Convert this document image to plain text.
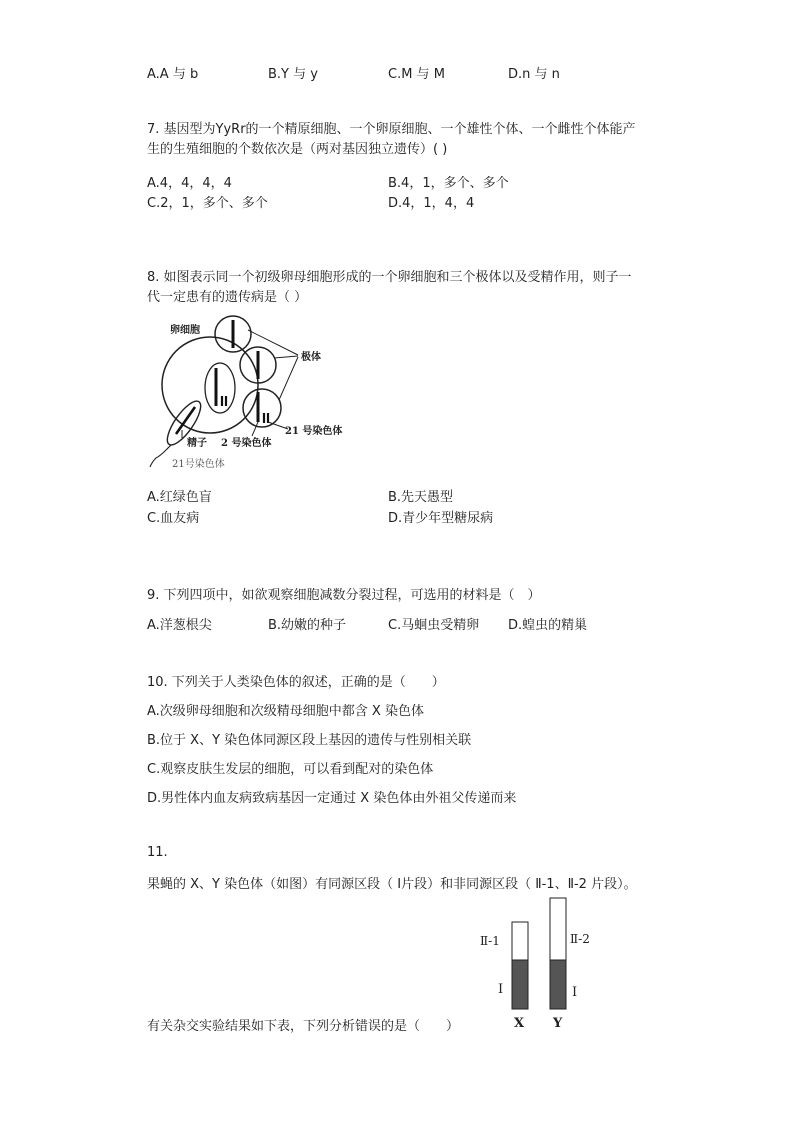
A.A 与 b	B.Y 与 y	C.M 与 M	D.n 与 n
7. 基因型为YyRr的一个精原细胞、一个卵原细胞、一个雄性个体、一个雌性个体能产
生的生殖细胞的个数依次是（两对基因独立遗传）( )
A.4，4，4，4	B.4，1，多个、多个
C.2，1，多个、多个	D.4，1，4，4
8. 如图表示同一个初级卵母细胞形成的一个卵细胞和三个极体以及受精作用，则子一
代一定患有的遗传病是（ ）
卵细胞
极体
精子 2 号染色体
21 号染色体
21号染色体
A.红绿色盲	B.先天愚型
C.血友病	D.青少年型糖尿病
9. 下列四项中，如欲观察细胞减数分裂过程，可选用的材料是（　）
A.洋葱根尖	B.幼嫩的种子	C.马蛔虫受精卵 D.蝗虫的精巢
10. 下列关于人类染色体的叙述，正确的是（　　）
A.次级卵母细胞和次级精母细胞中都含 X 染色体
B.位于 X、Y 染色体同源区段上基因的遗传与性别相关联
C.观察皮肤生发层的细胞，可以看到配对的染色体
D.男性体内血友病致病基因一定通过 X 染色体由外祖父传递而来
11.
果蝇的 X、Y 染色体（如图）有同源区段（ Ⅰ片段）和非同源区段（ Ⅱ-1、Ⅱ-2 片段）。
Ⅱ-1	Ⅱ-2
Ⅰ	Ⅰ
X Y
有关杂交实验结果如下表，下列分析错误的是（　　）
